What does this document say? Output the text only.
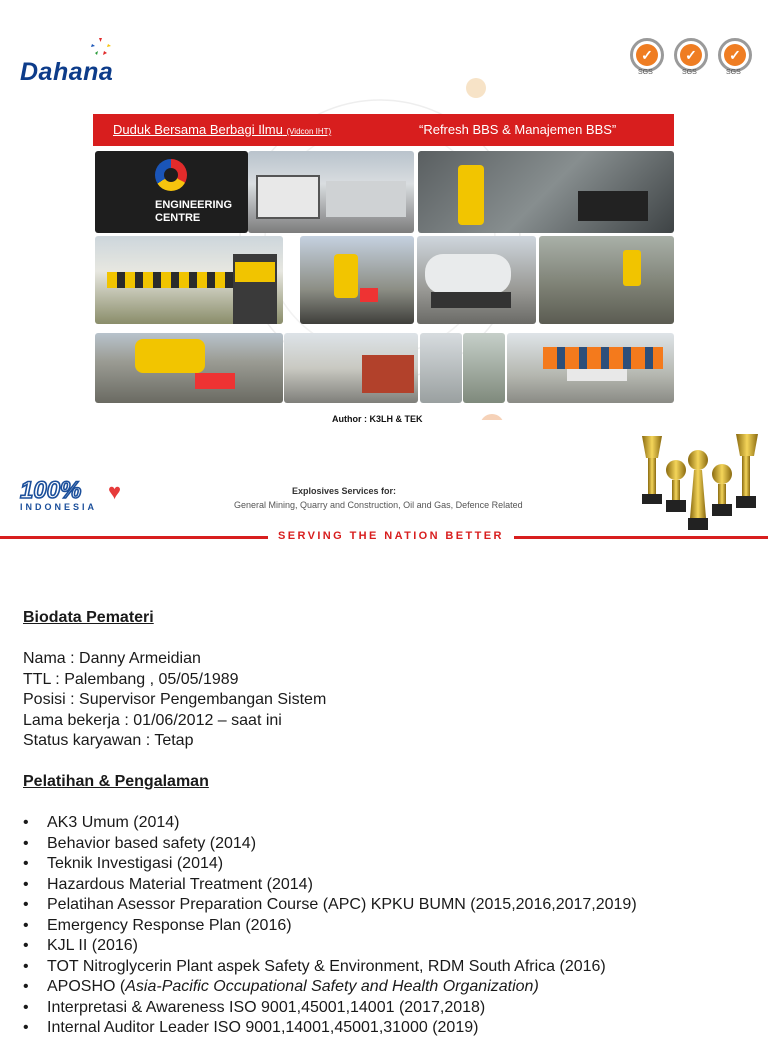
Dahana
✓
SGS
✓
SGS
✓
SGS
Duduk Bersama Berbagi Ilmu (Vidcon IHT)	“Refresh BBS & Manajemen BBS”
ENGINEERING
CENTRE
Author : K3LH & TEK
100% ♥
INDONESIA
Explosives Services for:
General Mining, Quarry and Construction, Oil and Gas, Defence Related
SERVING THE NATION BETTER
Biodata Pemateri
Nama : Danny Armeidian
TTL : Palembang , 05/05/1989
Posisi : Supervisor Pengembangan Sistem
Lama bekerja : 01/06/2012 – saat ini
Status karyawan : Tetap
Pelatihan & Pengalaman
• AK3 Umum (2014)
• Behavior based safety (2014)
• Teknik Investigasi (2014)
• Hazardous Material Treatment (2014)
• Pelatihan Asessor Preparation Course (APC) KPKU BUMN (2015,2016,2017,2019)
• Emergency Response Plan (2016)
• KJL II (2016)
• TOT Nitroglycerin Plant aspek Safety & Environment, RDM South Africa (2016)
• APOSHO (Asia-Pacific Occupational Safety and Health Organization)
• Interpretasi & Awareness ISO 9001,45001,14001 (2017,2018)
• Internal Auditor Leader ISO 9001,14001,45001,31000 (2019)
